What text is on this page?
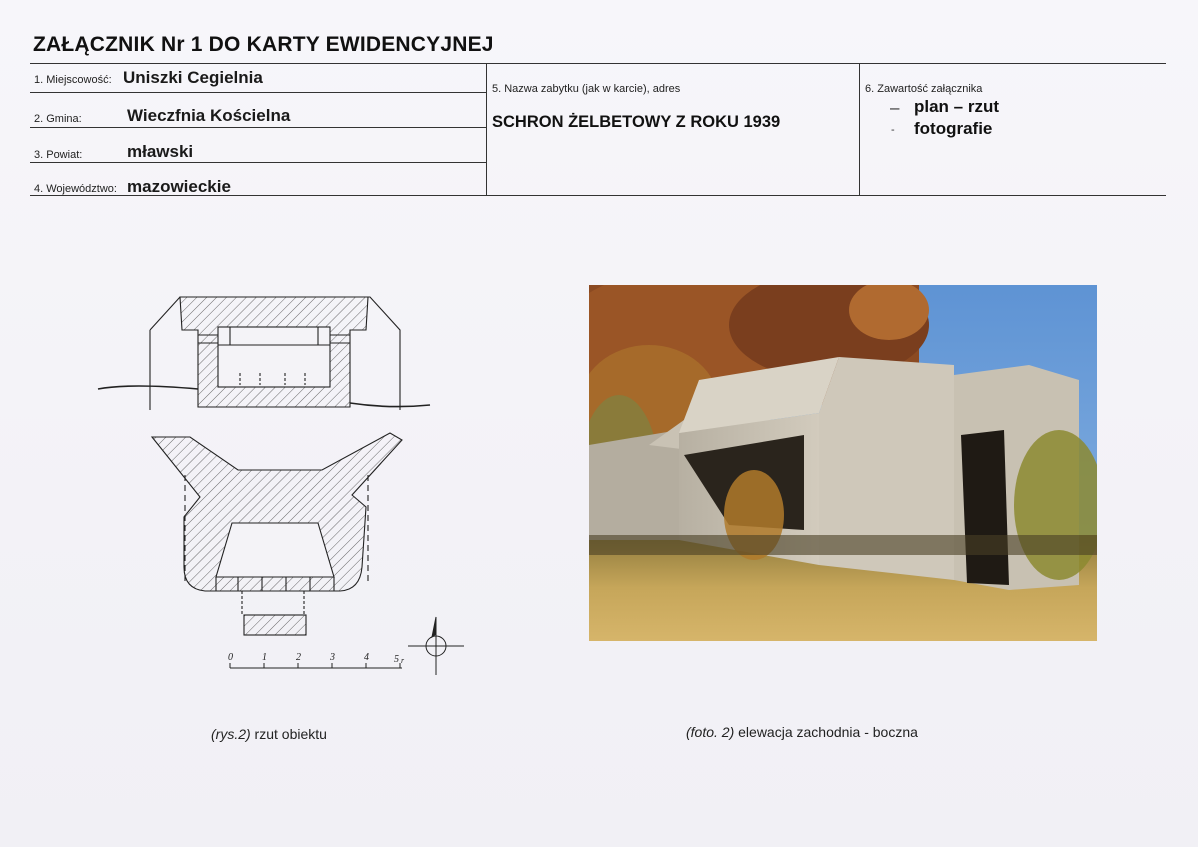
ZAŁĄCZNIK Nr 1 DO KARTY EWIDENCYJNEJ
1. Miejscowość: Uniszki Cegielnia
2. Gmina:	Wieczfnia Kościelna
3. Powiat:	mławski
4. Województwo: mazowieckie
5. Nazwa zabytku (jak w karcie), adres
SCHRON ŻELBETOWY Z ROKU 1939
6. Zawartość załącznika
– plan – rzut
- fotografie
0	1	2	3	4	5 r
(rys.2) rzut obiektu	(foto. 2) elewacja zachodnia - boczna
